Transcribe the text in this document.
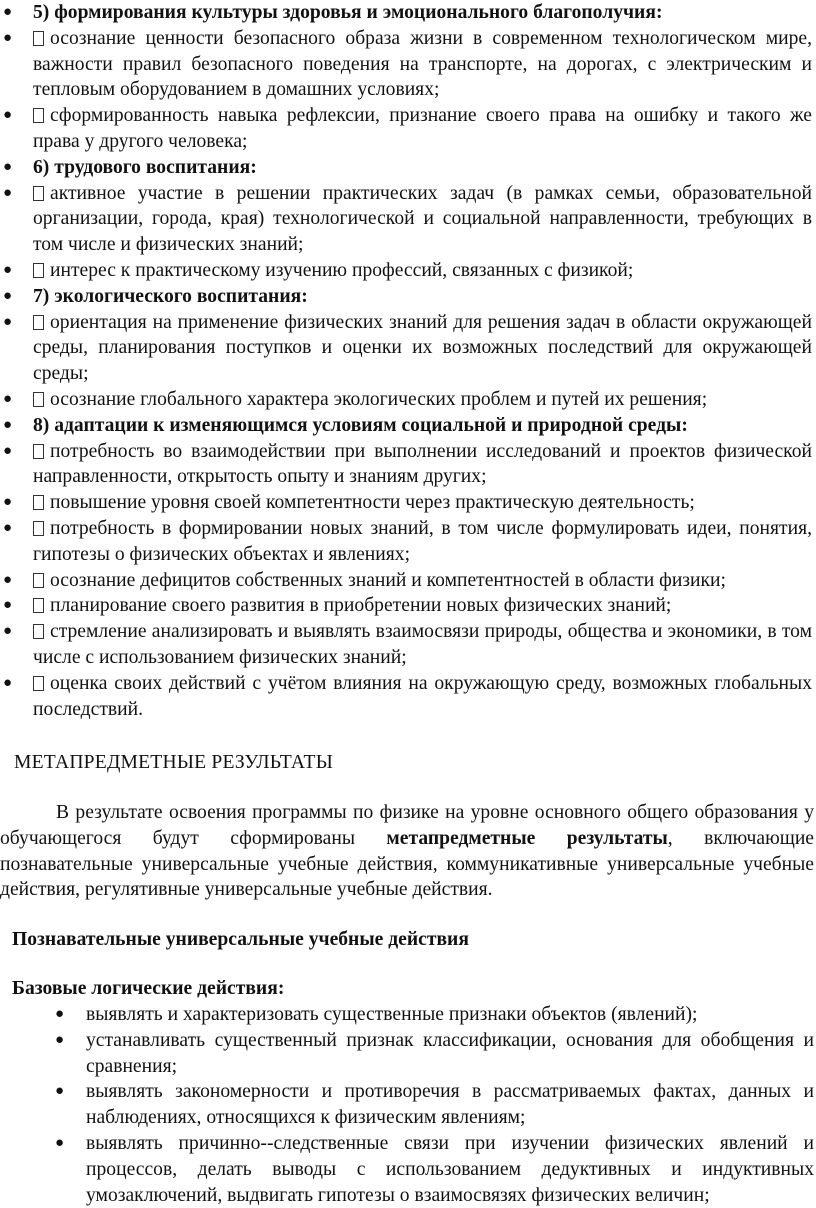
● 5) формирования культуры здоровья и эмоционального благополучия:
● осознание ценности безопасного образа жизни в современном технологическом мире, важности правил безопасного поведения на транспорте, на дорогах, с электрическим и тепловым оборудованием в домашних условиях;
● сформированность навыка рефлексии, признание своего права на ошибку и такого же права у другого человека;
● 6) трудового воспитания:
● активное участие в решении практических задач (в рамках семьи, образовательной организации, города, края) технологической и социальной направленности, требующих в том числе и физических знаний;
● интерес к практическому изучению профессий, связанных с физикой;
● 7) экологического воспитания:
● ориентация на применение физических знаний для решения задач в области окружающей среды, планирования поступков и оценки их возможных последствий для окружающей среды;
● осознание глобального характера экологических проблем и путей их решения;
● 8) адаптации к изменяющимся условиям социальной и природной среды:
● потребность во взаимодействии при выполнении исследований и проектов физической направленности, открытость опыту и знаниям других;
● повышение уровня своей компетентности через практическую деятельность;
● потребность в формировании новых знаний, в том числе формулировать идеи, понятия, гипотезы о физических объектах и явлениях;
● осознание дефицитов собственных знаний и компетентностей в области физики;
● планирование своего развития в приобретении новых физических знаний;
● стремление анализировать и выявлять взаимосвязи природы, общества и экономики, в том числе с использованием физических знаний;
● оценка своих действий с учётом влияния на окружающую среду, возможных глобальных последствий.
МЕТАПРЕДМЕТНЫЕ РЕЗУЛЬТАТЫ

В результате освоения программы по физике на уровне основного общего образования у обучающегося будут сформированы метапредметные результаты, включающие познавательные универсальные учебные действия, коммуникативные универсальные учебные действия, регулятивные универсальные учебные действия.

Познавательные универсальные учебные действия

Базовые логические действия:

● выявлять и характеризовать существенные признаки объектов (явлений);
● устанавливать существенный признак классификации, основания для обобщения и сравнения;
● выявлять закономерности и противоречия в рассматриваемых фактах, данных и наблюдениях, относящихся к физическим явлениям;
● выявлять причинно--следственные связи при изучении физических явлений и процессов, делать выводы с использованием дедуктивных и индуктивных умозаключений, выдвигать гипотезы о взаимосвязях физических величин;
